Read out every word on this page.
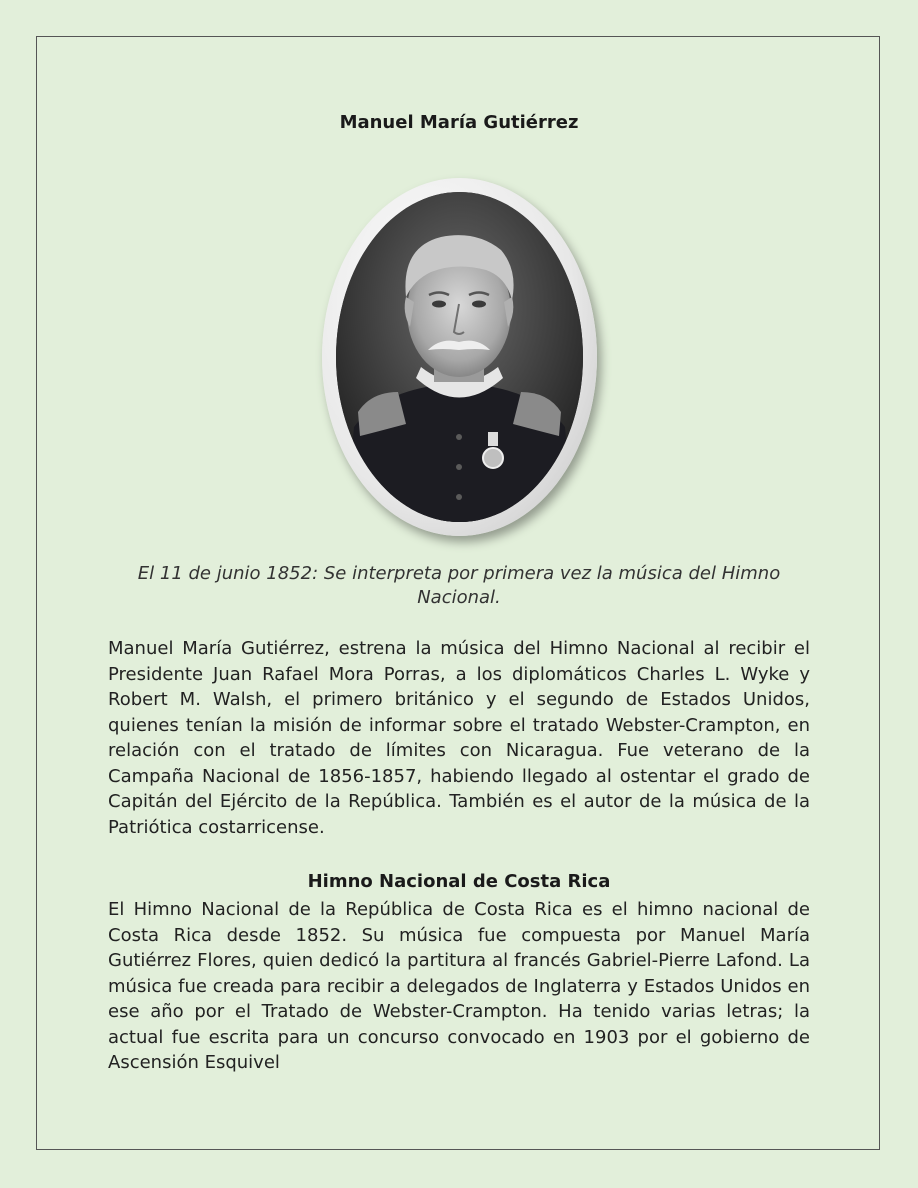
Manuel María Gutiérrez
El 11 de junio 1852: Se interpreta por primera vez la música del Himno Nacional.
Manuel María Gutiérrez, estrena la música del Himno Nacional al recibir el Presidente Juan Rafael Mora Porras, a los diplomáticos Charles L. Wyke y Robert M. Walsh, el primero británico y el segundo de Estados Unidos, quienes tenían la misión de informar sobre el tratado Webster-Crampton, en relación con el tratado de límites con Nicaragua. Fue veterano de la Campaña Nacional de 1856-1857, habiendo llegado al ostentar el grado de Capitán del Ejército de la República. También es el autor de la música de la Patriótica costarricense.
Himno Nacional de Costa Rica
El Himno Nacional de la República de Costa Rica es el himno nacional de Costa Rica desde 1852. Su música fue compuesta por Manuel María Gutiérrez Flores, quien dedicó la partitura al francés Gabriel-Pierre Lafond. La música fue creada para recibir a delegados de Inglaterra y Estados Unidos en ese año por el Tratado de Webster-Crampton. Ha tenido varias letras; la actual fue escrita para un concurso convocado en 1903 por el gobierno de Ascensión Esquivel
